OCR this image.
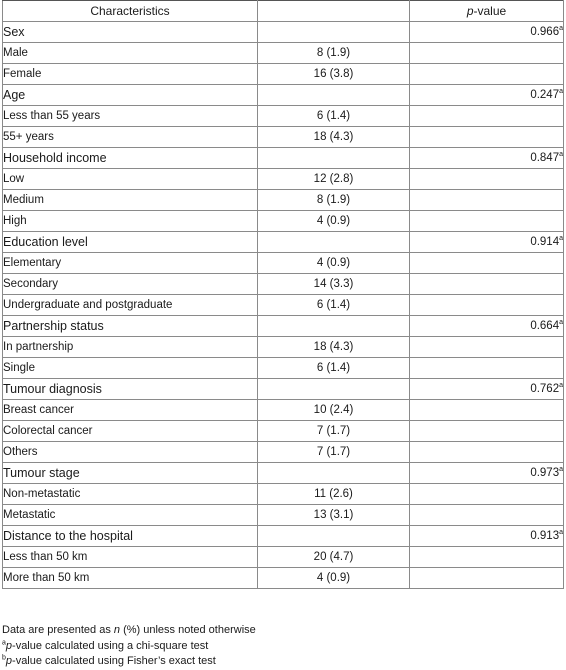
Characteristics		p-value
Sex		0.966$^a$
Male	8 (1.9)	
Female	16 (3.8)	
Age		0.247$^a$
Less than 55 years	6 (1.4)	
55+ years	18 (4.3)	
Household income		0.847$^a$
Low	12 (2.8)	
Medium	8 (1.9)	
High	4 (0.9)	
Education level		0.914$^a$
Elementary	4 (0.9)	
Secondary	14 (3.3)	
Undergraduate and postgraduate	6 (1.4)	
Partnership status		0.664$^a$
In partnership	18 (4.3)	
Single	6 (1.4)	
Tumour diagnosis		0.762$^a$
Breast cancer	10 (2.4)	
Colorectal cancer	7 (1.7)	
Others	7 (1.7)	
Tumour stage		0.973$^a$
Non-metastatic	11 (2.6)	
Metastatic	13 (3.1)	
Distance to the hospital		0.913$^a$
Less than 50 km	20 (4.7)	
More than 50 km	4 (0.9)	
Data are presented as n (%) unless noted otherwise
$^a$p-value calculated using a chi-square test
$^b$p-value calculated using Fisher’s exact test
